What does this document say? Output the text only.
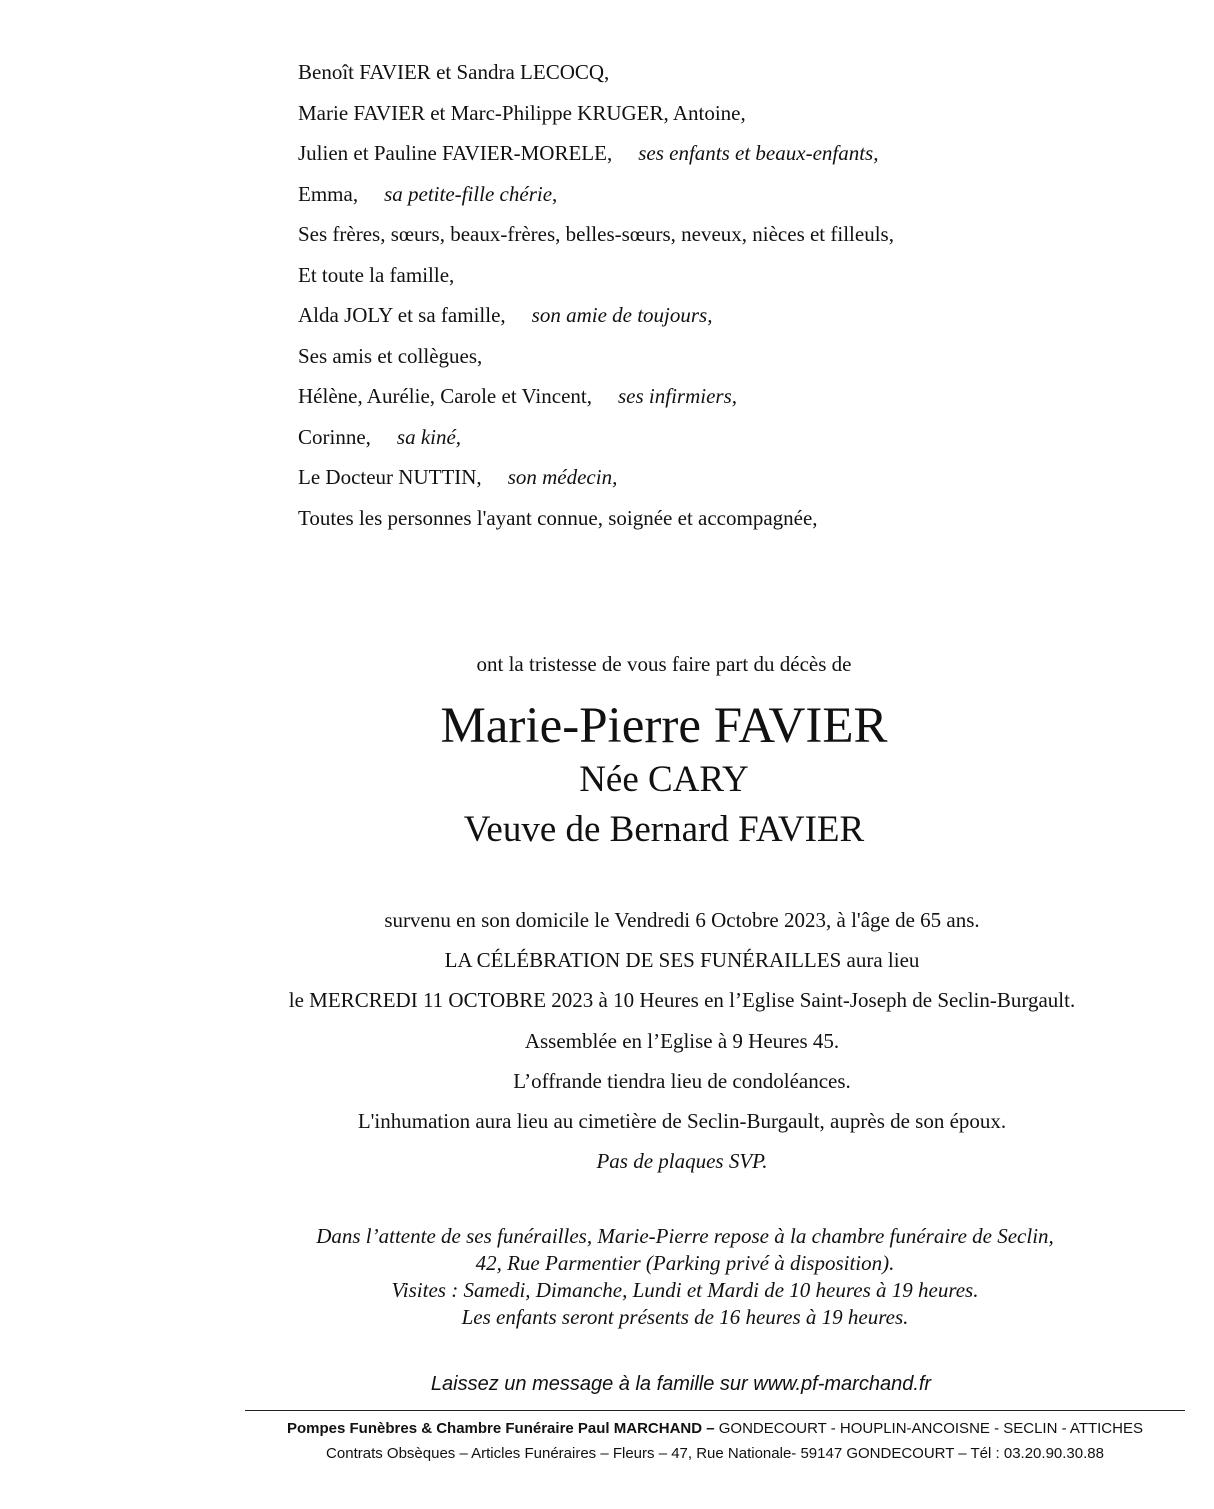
Benoît FAVIER et Sandra LECOCQ,
Marie FAVIER et Marc-Philippe KRUGER, Antoine,
Julien et Pauline FAVIER-MORELE, ses enfants et beaux-enfants,
Emma, sa petite-fille chérie,
Ses frères, sœurs, beaux-frères, belles-sœurs, neveux, nièces et filleuls,
Et toute la famille,
Alda JOLY et sa famille, son amie de toujours,
Ses amis et collègues,
Hélène, Aurélie, Carole et Vincent, ses infirmiers,
Corinne, sa kiné,
Le Docteur NUTTIN, son médecin,
Toutes les personnes l'ayant connue, soignée et accompagnée,
ont la tristesse de vous faire part du décès de
Marie-Pierre FAVIER
Née CARY
Veuve de Bernard FAVIER
survenu en son domicile le Vendredi 6 Octobre 2023, à l'âge de 65 ans.
LA CÉLÉBRATION DE SES FUNÉRAILLES aura lieu
le MERCREDI 11 OCTOBRE 2023 à 10 Heures en l’Eglise Saint-Joseph de Seclin-Burgault.
Assemblée en l’Eglise à 9 Heures 45.
L’offrande tiendra lieu de condoléances.
L'inhumation aura lieu au cimetière de Seclin-Burgault, auprès de son époux.
Pas de plaques SVP.
Dans l’attente de ses funérailles, Marie-Pierre repose à la chambre funéraire de Seclin,
42, Rue Parmentier (Parking privé à disposition).
Visites : Samedi, Dimanche, Lundi et Mardi de 10 heures à 19 heures.
Les enfants seront présents de 16 heures à 19 heures.
Laissez un message à la famille sur www.pf-marchand.fr
Pompes Funèbres & Chambre Funéraire Paul MARCHAND – GONDECOURT - HOUPLIN-ANCOISNE - SECLIN - ATTICHES
Contrats Obsèques – Articles Funéraires – Fleurs – 47, Rue Nationale- 59147 GONDECOURT – Tél : 03.20.90.30.88
